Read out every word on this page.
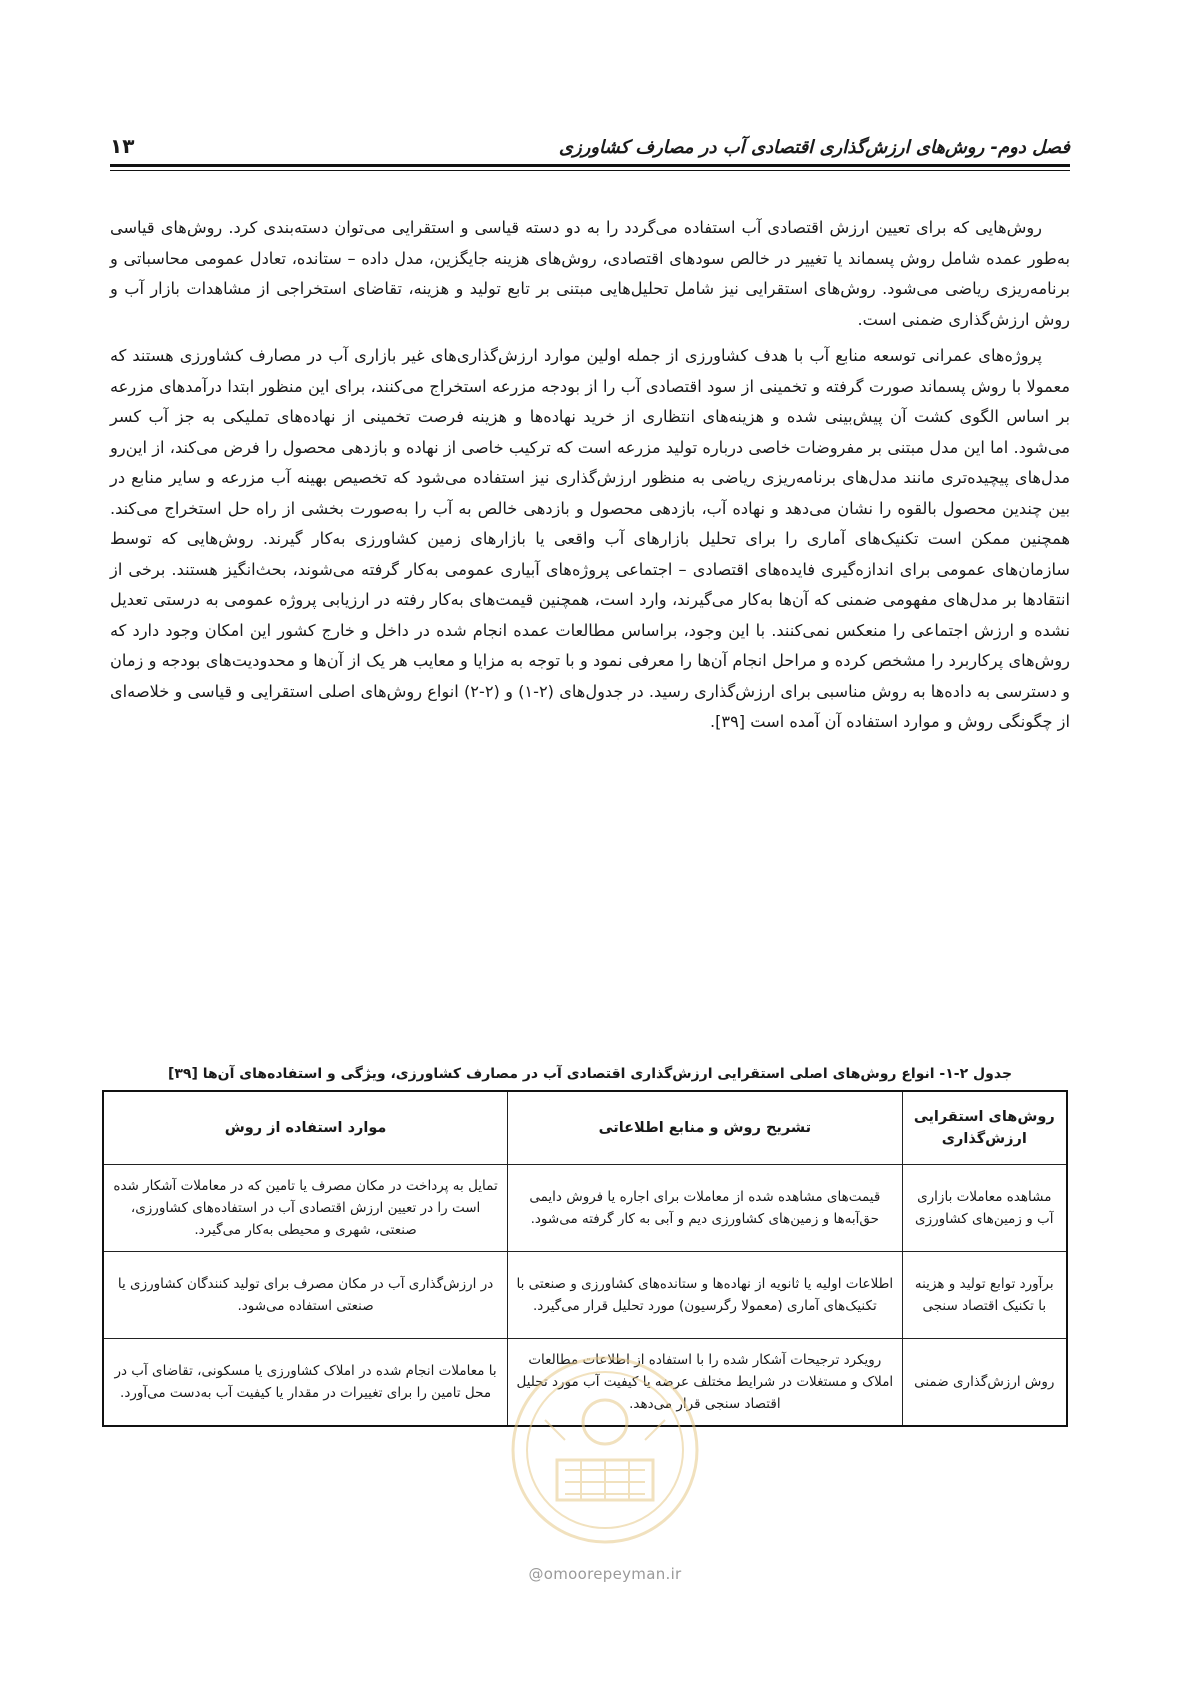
فصل دوم- روش‌های ارزش‌گذاری اقتصادی آب در مصارف کشاورزی
۱۳

روش‌هایی که برای تعیین ارزش اقتصادی آب استفاده می‌گردد را به دو دسته قیاسی و استقرایی می‌توان دسته‌بندی کرد. روش‌های قیاسی به‌طور عمده شامل روش پسماند یا تغییر در خالص سودهای اقتصادی، روش‌های هزینه جایگزین، مدل داده – ستانده، تعادل عمومی محاسباتی و برنامه‌ریزی ریاضی می‌شود. روش‌های استقرایی نیز شامل تحلیل‌هایی مبتنی بر تابع تولید و هزینه، تقاضای استخراجی از مشاهدات بازار آب و روش ارزش‌گذاری ضمنی است.

پروژه‌های عمرانی توسعه منابع آب با هدف کشاورزی از جمله اولین موارد ارزش‌گذاری‌های غیر بازاری آب در مصارف کشاورزی هستند که معمولا با روش پسماند صورت گرفته و تخمینی از سود اقتصادی آب را از بودجه مزرعه استخراج می‌کنند، برای این منظور ابتدا درآمدهای مزرعه بر اساس الگوی کشت آن پیش‌بینی شده و هزینه‌های انتظاری از خرید نهاده‌ها و هزینه فرصت تخمینی از نهاده‌های تملیکی به جز آب کسر می‌شود. اما این مدل مبتنی بر مفروضات خاصی درباره تولید مزرعه است که ترکیب خاصی از نهاده و بازدهی محصول را فرض می‌کند، از این‌رو مدل‌های پیچیده‌تری مانند مدل‌های برنامه‌ریزی ریاضی به منظور ارزش‌گذاری نیز استفاده می‌شود که تخصیص بهینه آب مزرعه و سایر منابع در بین چندین محصول بالقوه را نشان می‌دهد و نهاده آب، بازدهی محصول و بازدهی خالص به آب را به‌صورت بخشی از راه حل استخراج می‌کند. همچنین ممکن است تکنیک‌های آماری را برای تحلیل بازارهای آب واقعی یا بازارهای زمین کشاورزی به‌کار گیرند. روش‌هایی که توسط سازمان‌های عمومی برای اندازه‌گیری فایده‌های اقتصادی – اجتماعی پروژه‌های آبیاری عمومی به‌کار گرفته می‌شوند، بحث‌انگیز هستند. برخی از انتقادها بر مدل‌های مفهومی ضمنی که آن‌ها به‌کار می‌گیرند، وارد است، همچنین قیمت‌های به‌کار رفته در ارزیابی پروژه عمومی به درستی تعدیل نشده و ارزش اجتماعی را منعکس نمی‌کنند. با این وجود، براساس مطالعات عمده انجام شده در داخل و خارج کشور این امکان وجود دارد که روش‌های پرکاربرد را مشخص کرده و مراحل انجام آن‌ها را معرفی نمود و با توجه به مزایا و معایب هر یک از آن‌ها و محدودیت‌های بودجه و زمان و دسترسی به داده‌ها به روش مناسبی برای ارزش‌گذاری رسید. در جدول‌های (۲-۱) و (۲-۲) انواع روش‌های اصلی استقرایی و قیاسی و خلاصه‌ای از چگونگی روش و موارد استفاده آن آمده است [۳۹].

جدول ۲-۱- انواع روش‌های اصلی استقرایی ارزش‌گذاری اقتصادی آب در مصارف کشاورزی، ویژگی و استفاده‌های آن‌ها [۳۹]
روش‌های استقرایی ارزش‌گذاری	تشریح روش و منابع اطلاعاتی	موارد استفاده از روش
مشاهده معاملات بازاری آب و زمین‌های کشاورزی	قیمت‌های مشاهده شده از معاملات برای اجاره یا فروش دایمی حق‌آبه‌ها و زمین‌های کشاورزی دیم و آبی به کار گرفته می‌شود.	تمایل به پرداخت در مکان مصرف یا تامین که در معاملات آشکار شده است را در تعیین ارزش اقتصادی آب در استفاده‌های کشاورزی، صنعتی، شهری و محیطی به‌کار می‌گیرد.
برآورد توابع تولید و هزینه با تکنیک اقتصاد سنجی	اطلاعات اولیه یا ثانویه از نهاده‌ها و ستانده‌های کشاورزی و صنعتی با تکنیک‌های آماری (معمولا رگرسیون) مورد تحلیل قرار می‌گیرد.	در ارزش‌گذاری آب در مکان مصرف برای تولید کنندگان کشاورزی یا صنعتی استفاده می‌شود.
روش ارزش‌گذاری ضمنی	رویکرد ترجیحات آشکار شده را با استفاده از اطلاعات مطالعات املاک و مستغلات در شرایط مختلف عرضه یا کیفیت آب مورد تحلیل اقتصاد سنجی قرار می‌دهد.	با معاملات انجام شده در املاک کشاورزی یا مسکونی، تقاضای آب در محل تامین را برای تغییرات در مقدار یا کیفیت آب به‌دست می‌آورد.
@omoorepeyman.ir
